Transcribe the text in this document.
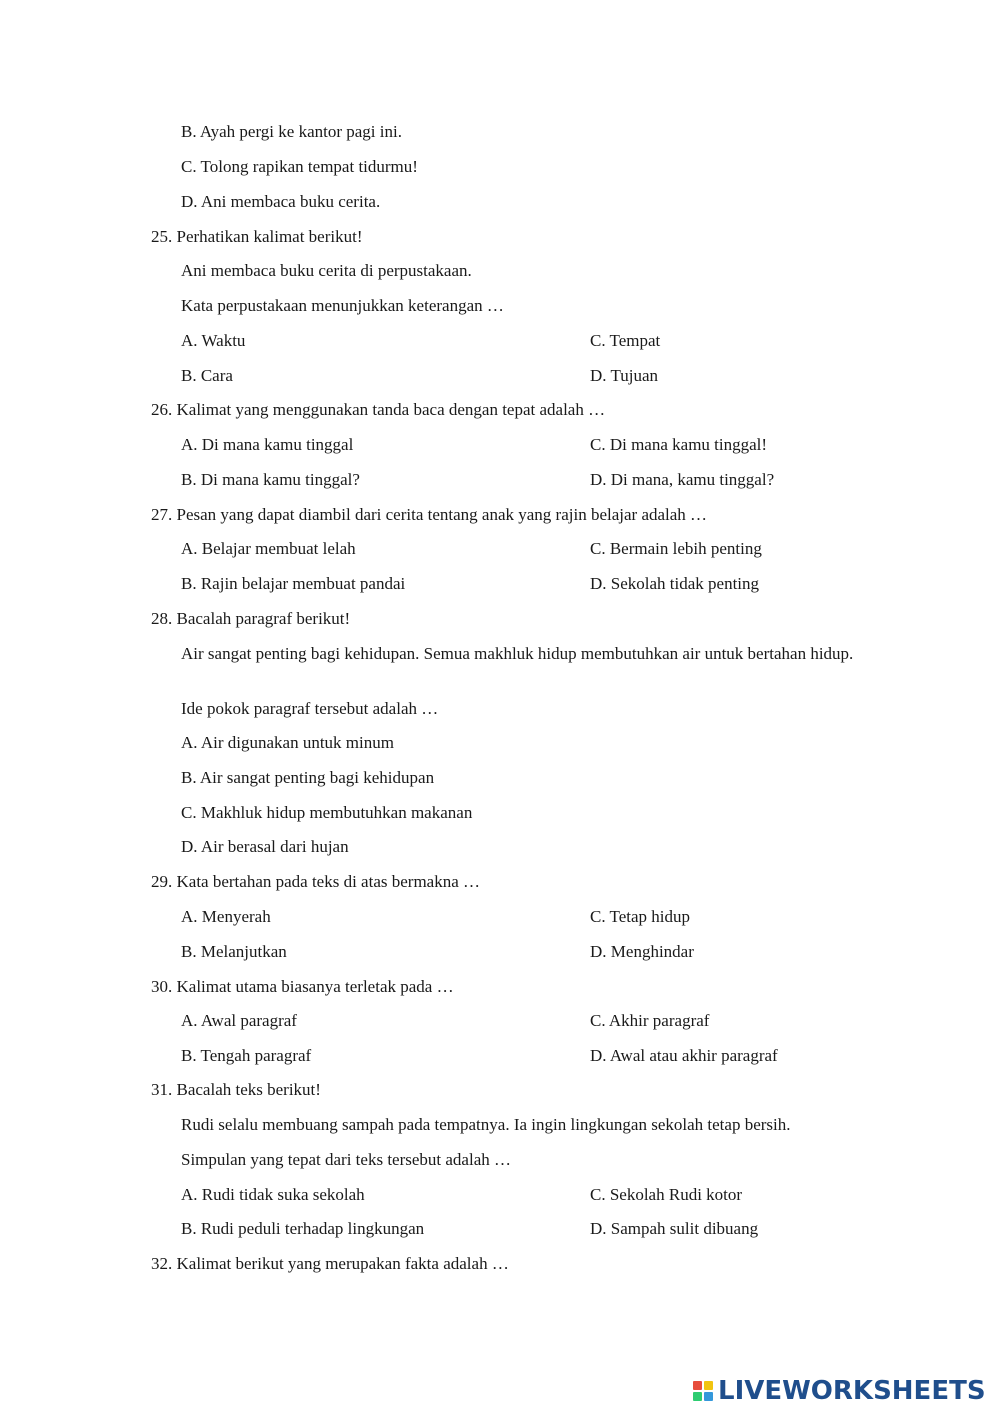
B. Ayah pergi ke kantor pagi ini.
C. Tolong rapikan tempat tidurmu!
D. Ani membaca buku cerita.
25. Perhatikan kalimat berikut!
Ani membaca buku cerita di perpustakaan.
Kata perpustakaan menunjukkan keterangan …
A. Waktu	C. Tempat
B. Cara	D. Tujuan
26. Kalimat yang menggunakan tanda baca dengan tepat adalah …
A. Di mana kamu tinggal	C. Di mana kamu tinggal!
B. Di mana kamu tinggal?	D. Di mana, kamu tinggal?
27. Pesan yang dapat diambil dari cerita tentang anak yang rajin belajar adalah …
A. Belajar membuat lelah	C. Bermain lebih penting
B. Rajin belajar membuat pandai	D. Sekolah tidak penting
28. Bacalah paragraf berikut!
Air sangat penting bagi kehidupan. Semua makhluk hidup membutuhkan air untuk bertahan hidup.
Ide pokok paragraf tersebut adalah …
A. Air digunakan untuk minum
B. Air sangat penting bagi kehidupan
C. Makhluk hidup membutuhkan makanan
D. Air berasal dari hujan
29. Kata bertahan pada teks di atas bermakna …
A. Menyerah	C. Tetap hidup
B. Melanjutkan	D. Menghindar
30. Kalimat utama biasanya terletak pada …
A. Awal paragraf	C. Akhir paragraf
B. Tengah paragraf	D. Awal atau akhir paragraf
31. Bacalah teks berikut!
Rudi selalu membuang sampah pada tempatnya. Ia ingin lingkungan sekolah tetap bersih.
Simpulan yang tepat dari teks tersebut adalah …
A. Rudi tidak suka sekolah	C. Sekolah Rudi kotor
B. Rudi peduli terhadap lingkungan	D. Sampah sulit dibuang
32. Kalimat berikut yang merupakan fakta adalah …
LIVEWORKSHEETS
